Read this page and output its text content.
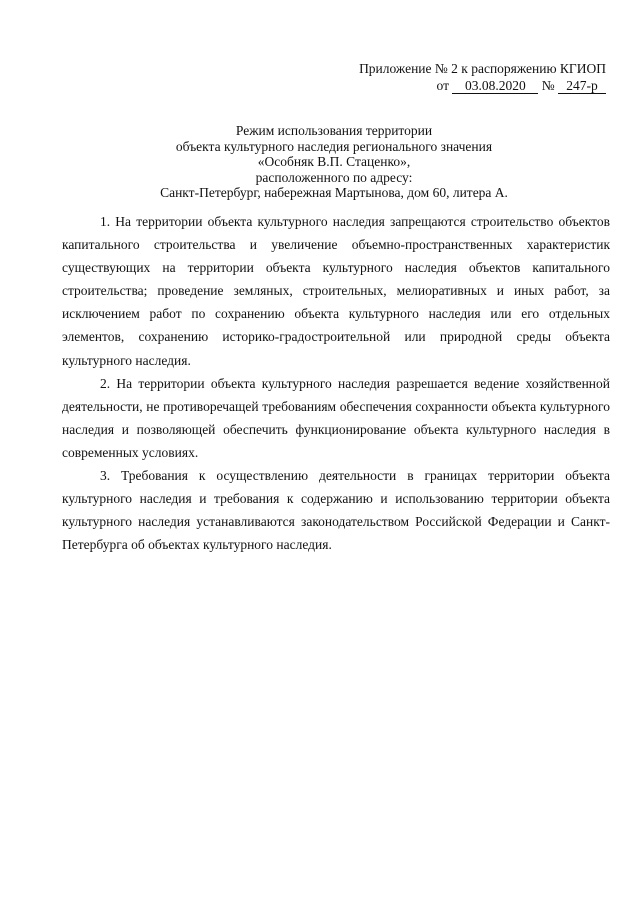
Приложение № 2 к распоряжению КГИОП
от 03.08.2020 № 247-р
Режим использования территории
объекта культурного наследия регионального значения
«Особняк В.П. Стаценко»,
расположенного по адресу:
Санкт-Петербург, набережная Мартынова, дом 60, литера А.

1. На территории объекта культурного наследия запрещаются строительство объектов капитального строительства и увеличение объемно-пространственных характеристик существующих на территории объекта культурного наследия объектов капитального строительства; проведение земляных, строительных, мелиоративных и иных работ, за исключением работ по сохранению объекта культурного наследия или его отдельных элементов, сохранению историко-градостроительной или природной среды объекта культурного наследия.

2. На территории объекта культурного наследия разрешается ведение хозяйственной деятельности, не противоречащей требованиям обеспечения сохранности объекта культурного наследия и позволяющей обеспечить функционирование объекта культурного наследия в современных условиях.

3. Требования к осуществлению деятельности в границах территории объекта культурного наследия и требования к содержанию и использованию территории объекта культурного наследия устанавливаются законодательством Российской Федерации и Санкт-Петербурга об объектах культурного наследия.
